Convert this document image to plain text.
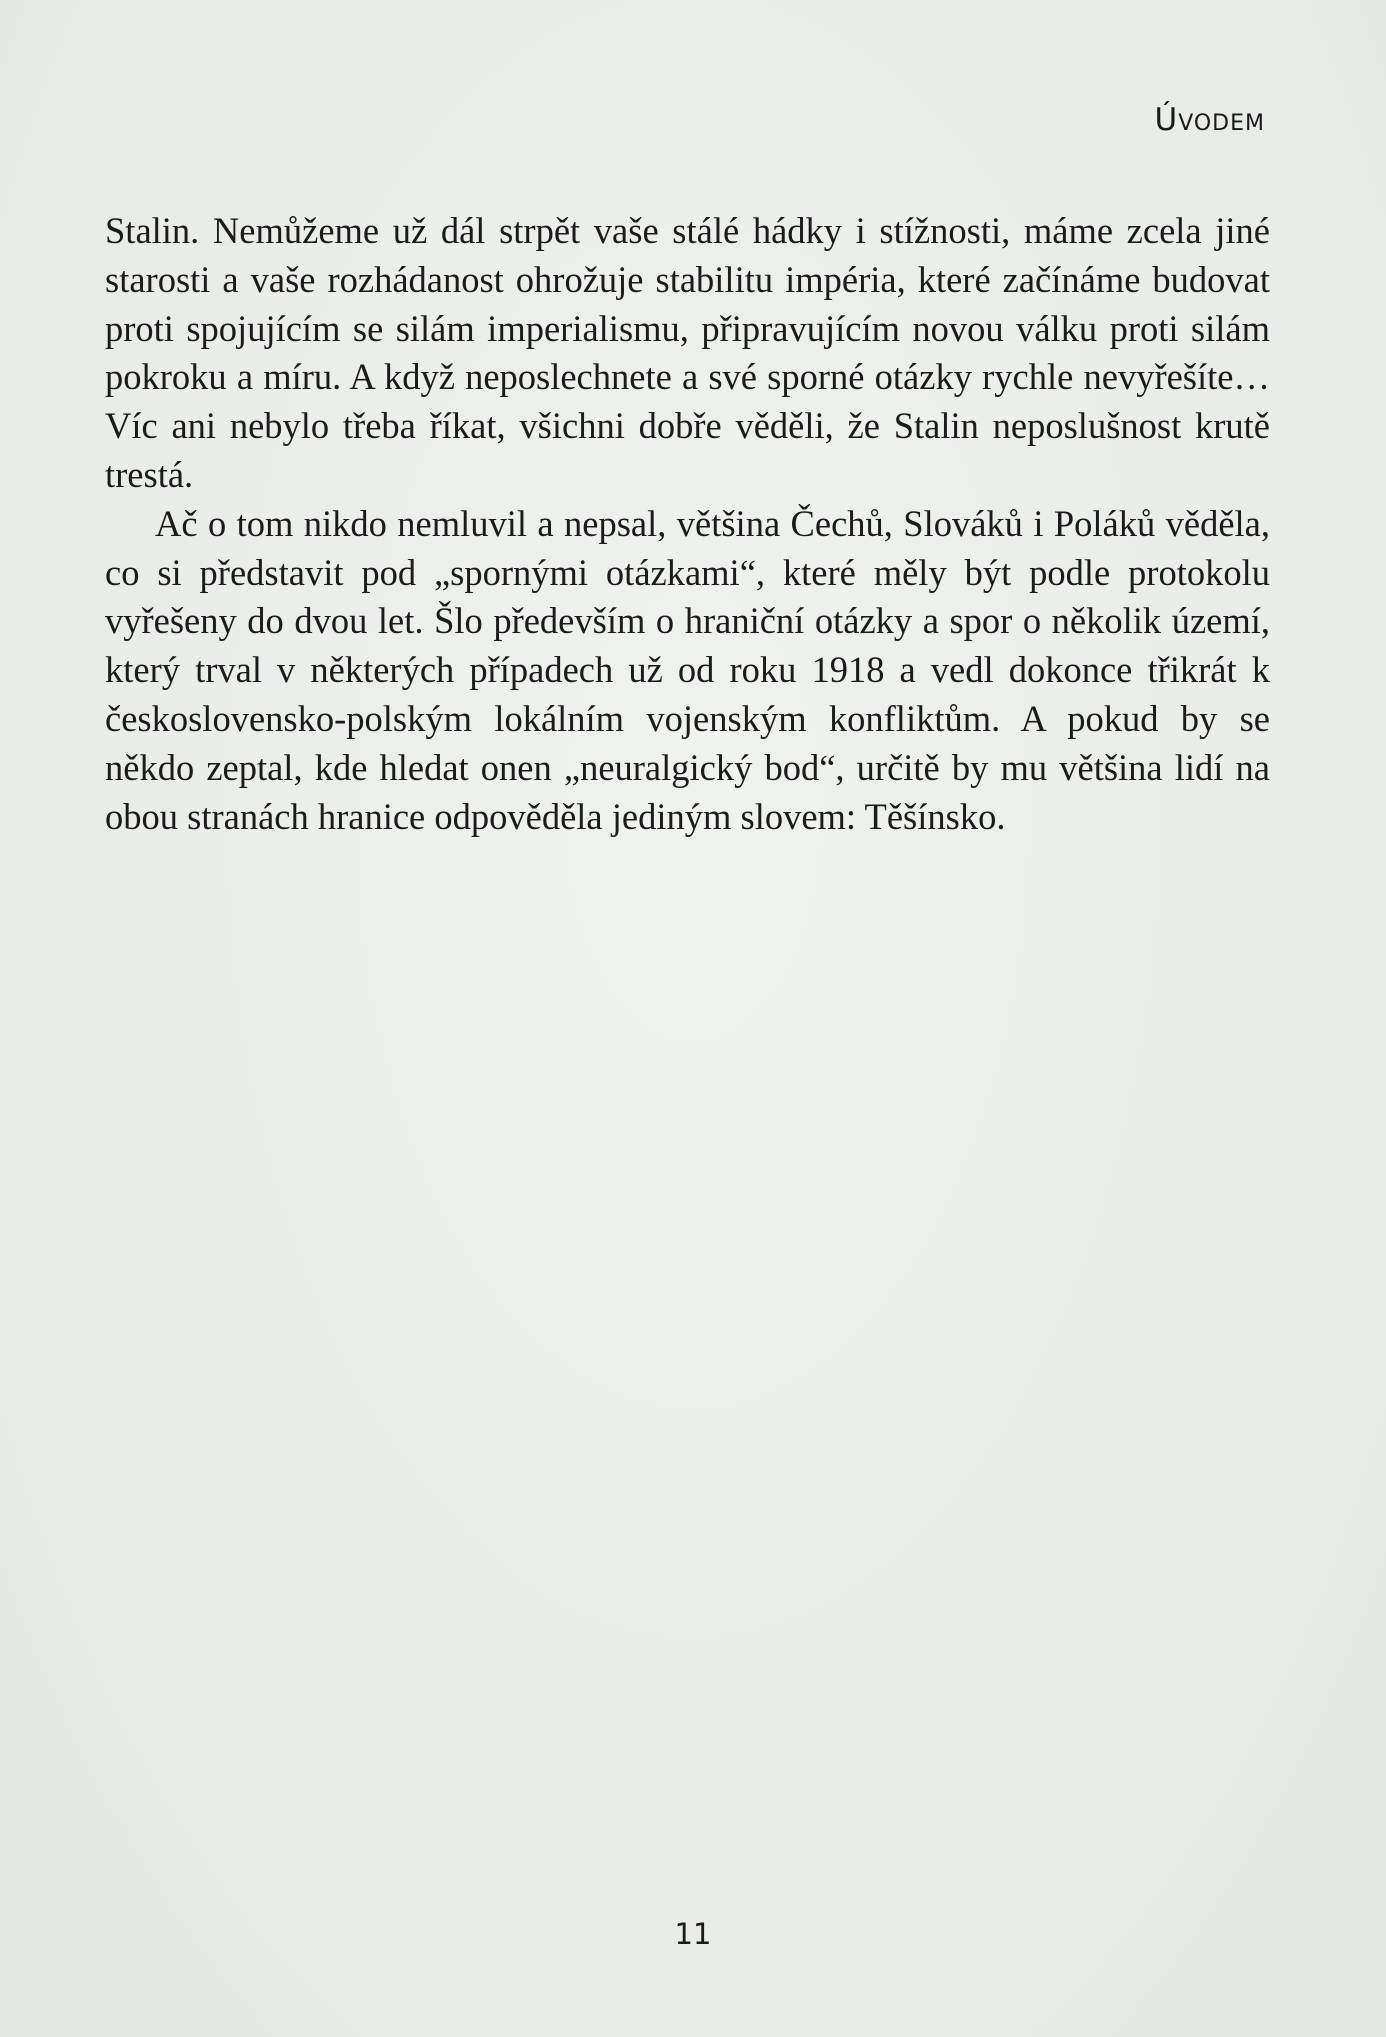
Úvodem

Stalin. Nemůžeme už dál strpět vaše stálé hádky i stížnosti, máme zcela jiné starosti a vaše rozhádanost ohrožuje stabilitu impéria, které začínáme budovat proti spojujícím se silám imperialismu, připravujícím novou válku proti silám pokroku a míru. A když neposlechnete a své sporné otázky rychle nevyřešíte… Víc ani nebylo třeba říkat, všichni dobře věděli, že Stalin neposlušnost krutě trestá.

Ač o tom nikdo nemluvil a nepsal, většina Čechů, Slováků i Poláků věděla, co si představit pod „spornými otázkami“, které měly být podle protokolu vyřešeny do dvou let. Šlo především o hraniční otázky a spor o několik území, který trval v některých případech už od roku 1918 a vedl dokonce třikrát k československo-polským lokálním vojenským konfliktům. A pokud by se někdo zeptal, kde hledat onen „neuralgický bod“, určitě by mu většina lidí na obou stranách hranice odpověděla jediným slovem: Těšínsko.

11
